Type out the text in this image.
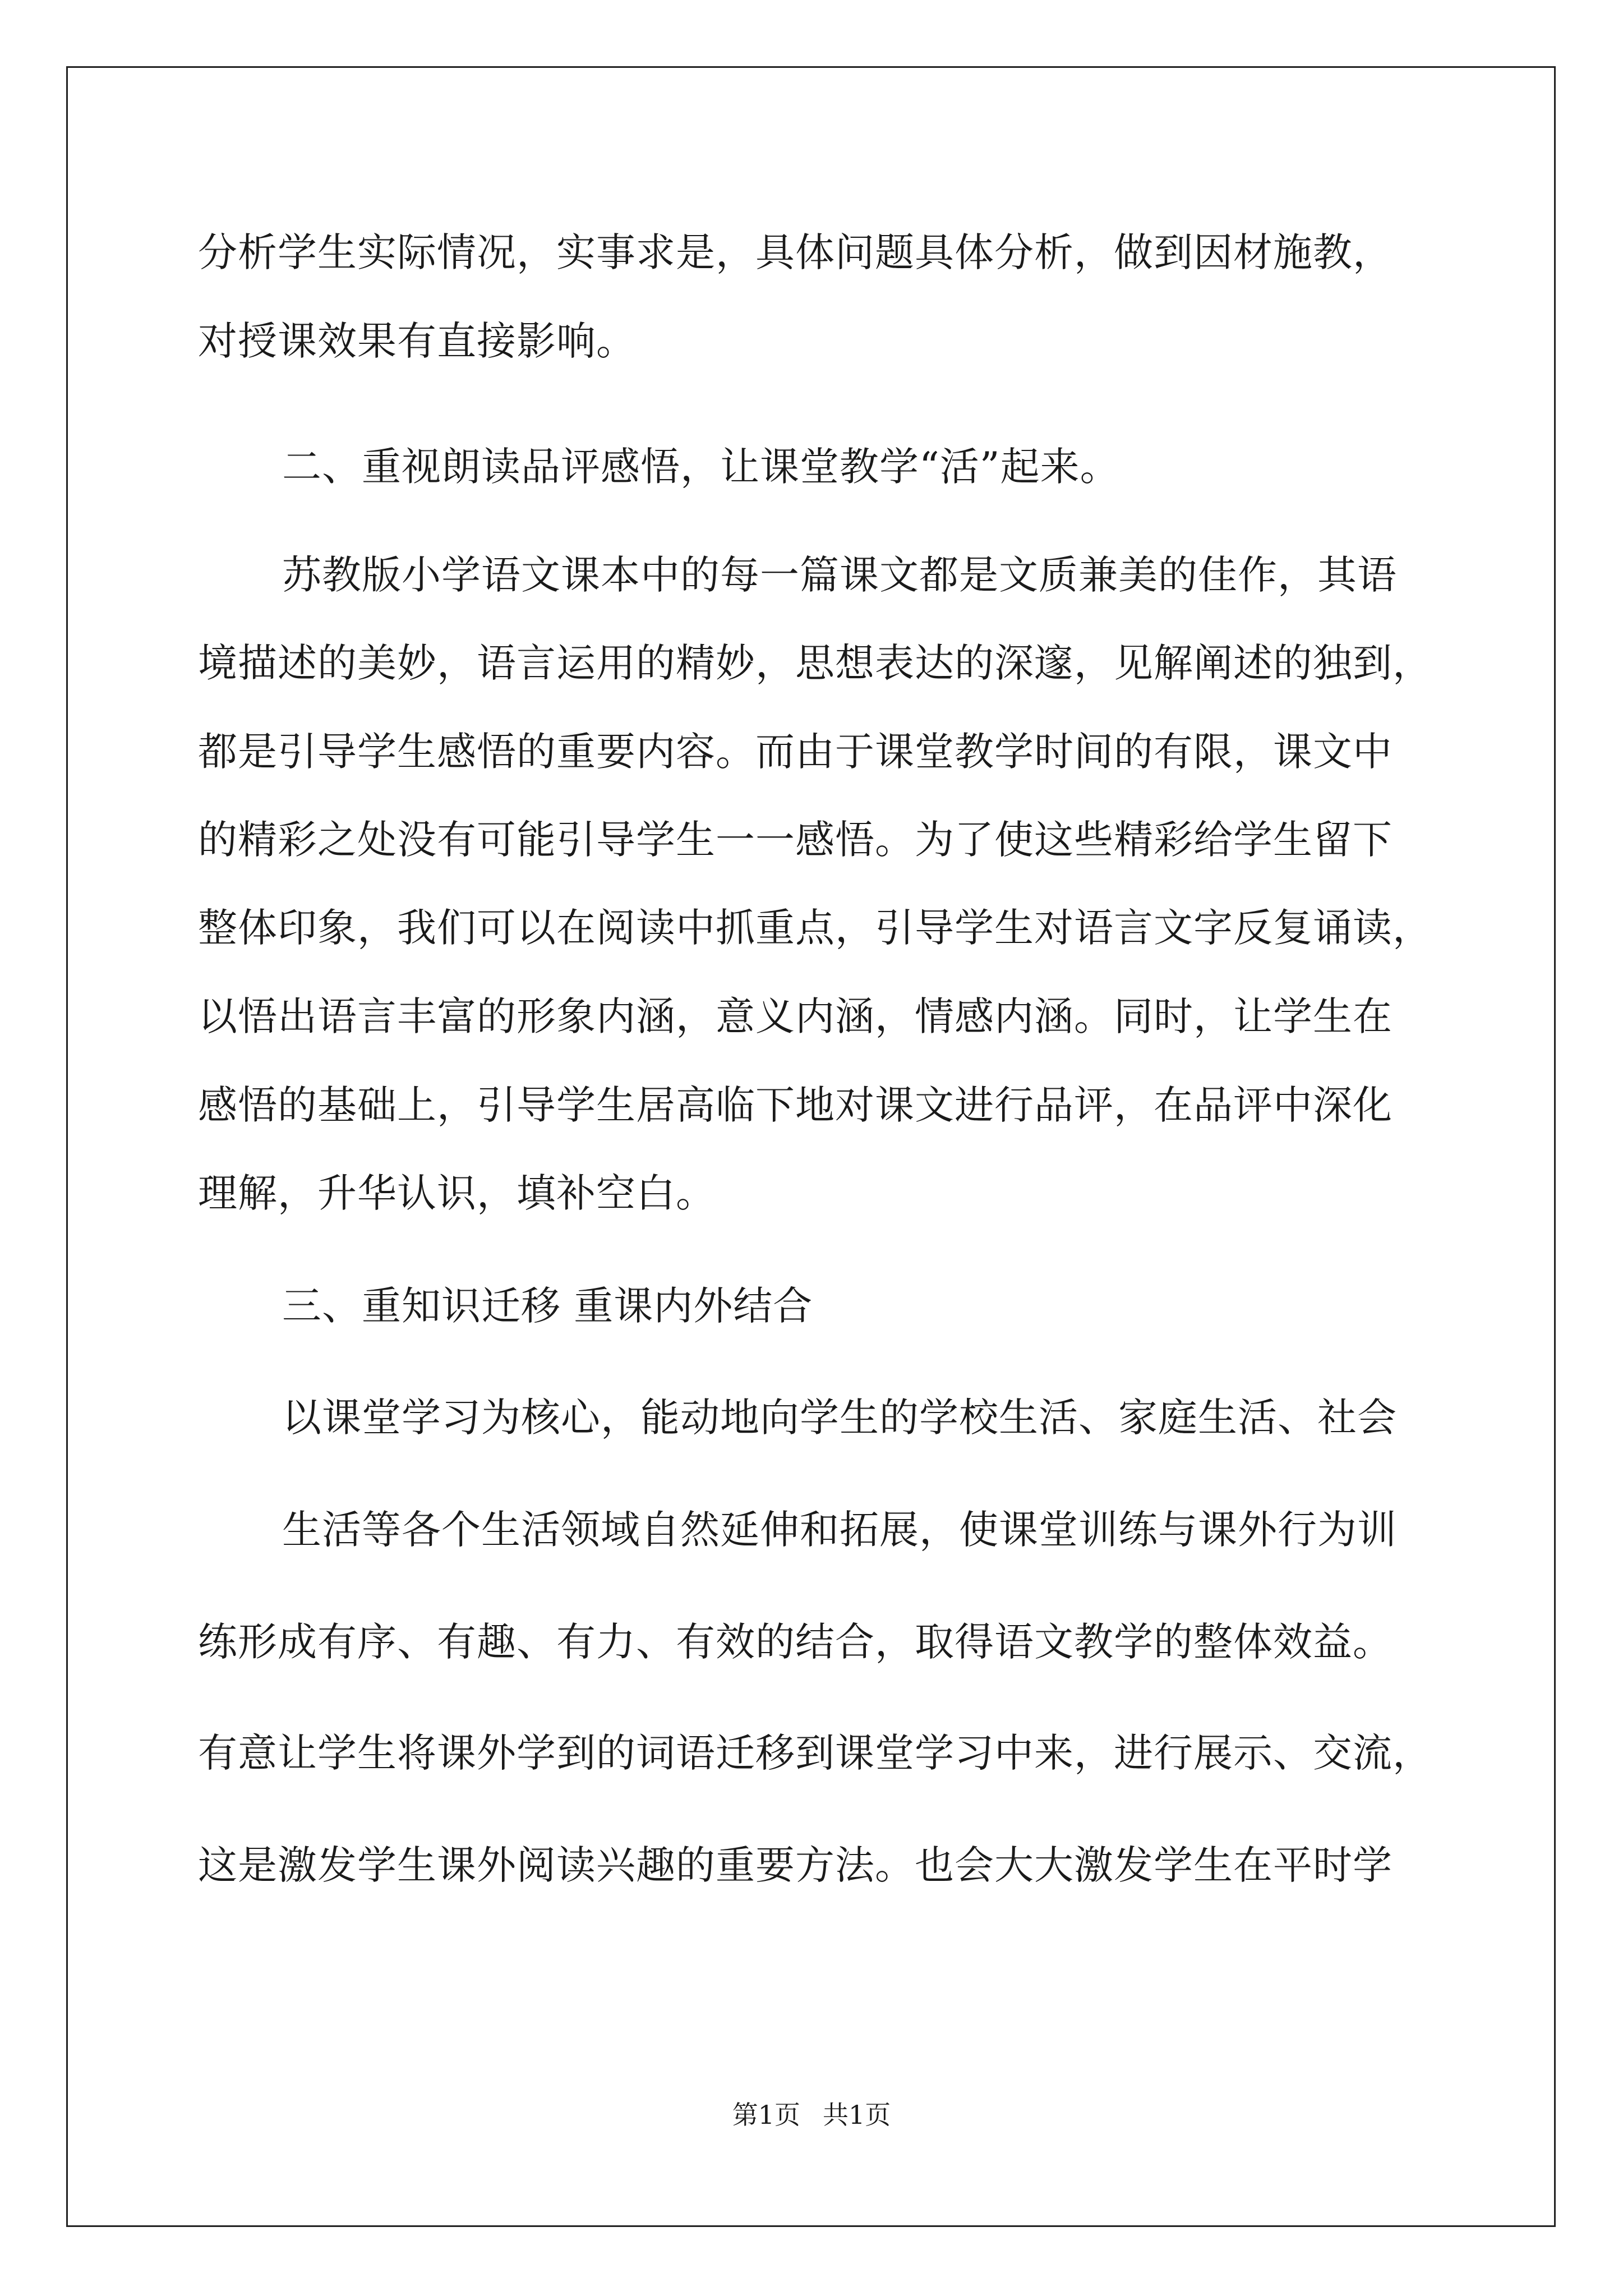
分析学生实际情况，实事求是，具体问题具体分析，做到因材施教，
对授课效果有直接影响。
二、重视朗读品评感悟，让课堂教学“活”起来。
苏教版小学语文课本中的每一篇课文都是文质兼美的佳作，其语
境描述的美妙，语言运用的精妙，思想表达的深邃，见解阐述的独到，
都是引导学生感悟的重要内容。而由于课堂教学时间的有限，课文中
的精彩之处没有可能引导学生一一感悟。为了使这些精彩给学生留下
整体印象，我们可以在阅读中抓重点，引导学生对语言文字反复诵读，
以悟出语言丰富的形象内涵，意义内涵，情感内涵。同时，让学生在
感悟的基础上，引导学生居高临下地对课文进行品评，在品评中深化
理解，升华认识，填补空白。
三、重知识迁移 重课内外结合
以课堂学习为核心，能动地向学生的学校生活、家庭生活、社会
生活等各个生活领域自然延伸和拓展，使课堂训练与课外行为训
练形成有序、有趣、有力、有效的结合，取得语文教学的整体效益。
有意让学生将课外学到的词语迁移到课堂学习中来，进行展示、交流，
这是激发学生课外阅读兴趣的重要方法。也会大大激发学生在平时学
第1页 共1页
